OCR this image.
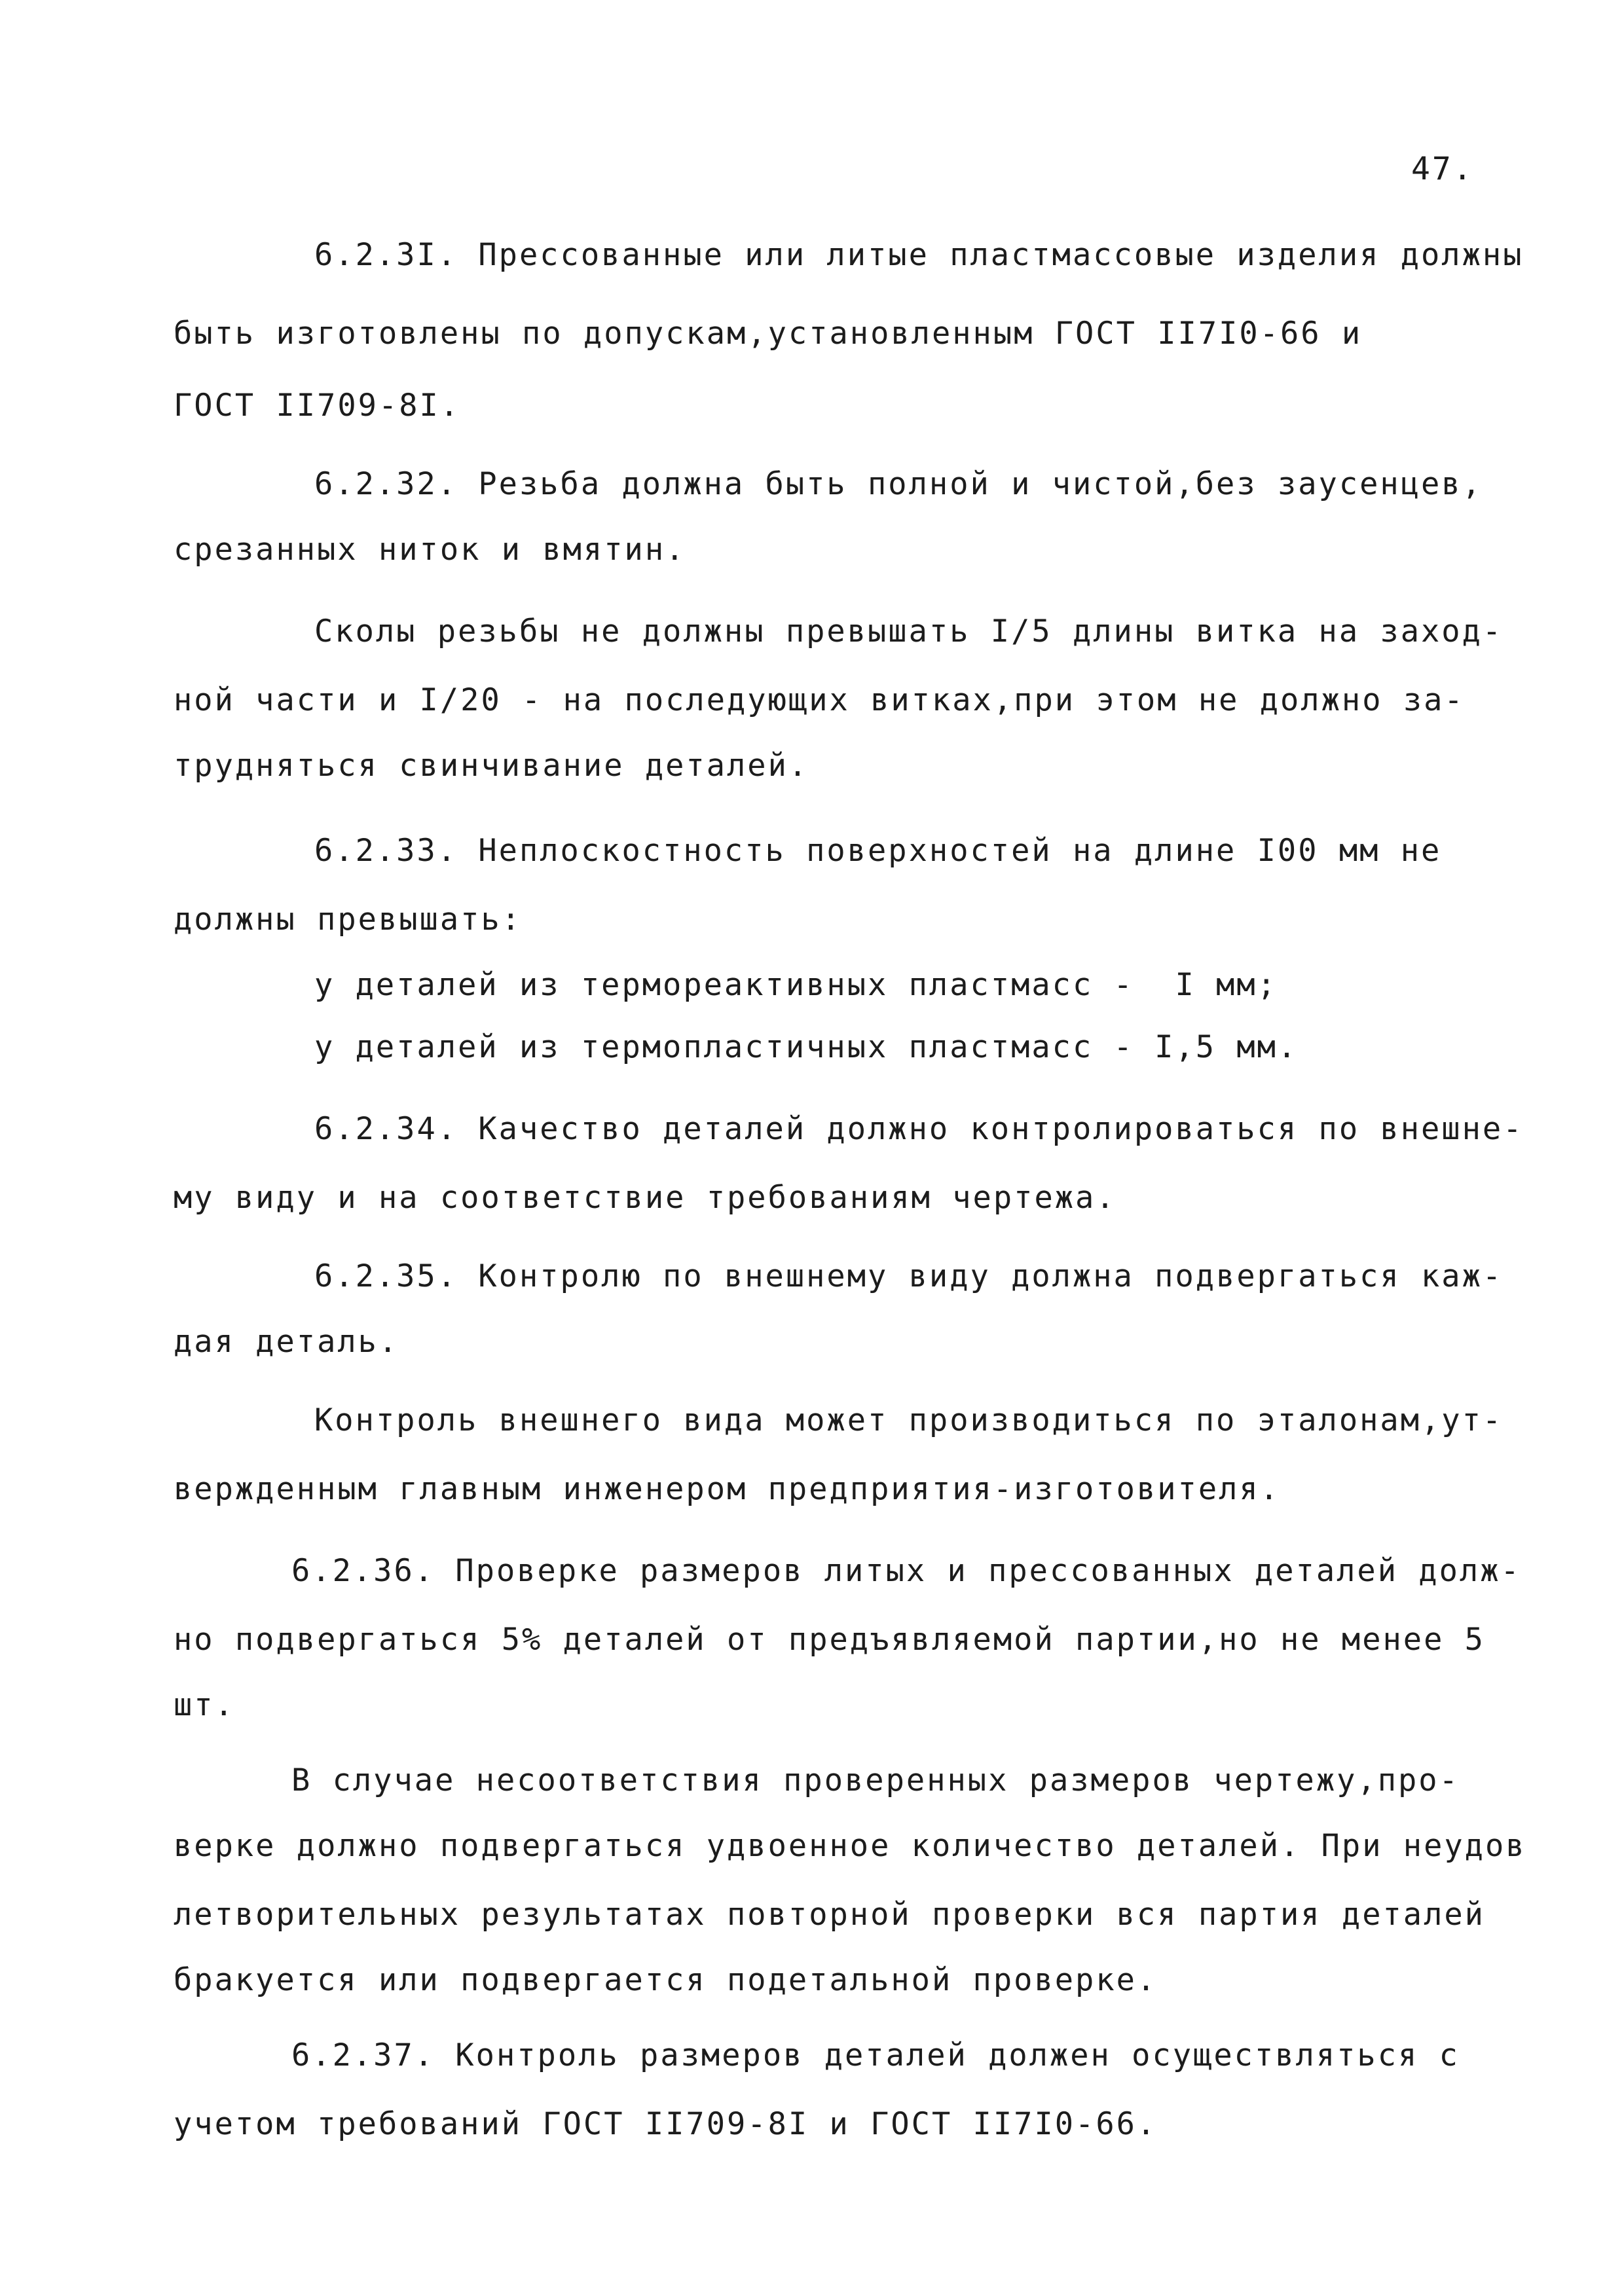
47.
6.2.3I. Прессованные или литые пластмассовые изделия должны
быть изготовлены по допускам,установленным ГОСТ II7I0-66 и
ГОСТ II709-8I.
6.2.32. Резьба должна быть полной и чистой,без заусенцев,
срезанных ниток и вмятин.
Сколы резьбы не должны превышать I/5 длины витка на заход-
ной части и I/20 - на последующих витках,при этом не должно за-
трудняться свинчивание деталей.
6.2.33. Неплоскостность поверхностей на длине I00 мм не
должны превышать:
у деталей из термореактивных пластмасс -  I мм;
у деталей из термопластичных пластмасс - I,5 мм.
6.2.34. Качество деталей должно контролироваться по внешне-
му виду и на соответствие требованиям чертежа.
6.2.35. Контролю по внешнему виду должна подвергаться каж-
дая деталь.
Контроль внешнего вида может производиться по эталонам,ут-
вержденным главным инженером предприятия-изготовителя.
6.2.36. Проверке размеров литых и прессованных деталей долж-
но подвергаться 5% деталей от предъявляемой партии,но не менее 5
шт.
В случае несоответствия проверенных размеров чертежу,про-
верке должно подвергаться удвоенное количество деталей. При неудов
летворительных результатах повторной проверки вся партия деталей
бракуется или подвергается подетальной проверке.
6.2.37. Контроль размеров деталей должен осуществляться с
учетом требований ГОСТ II709-8I и ГОСТ II7I0-66.
